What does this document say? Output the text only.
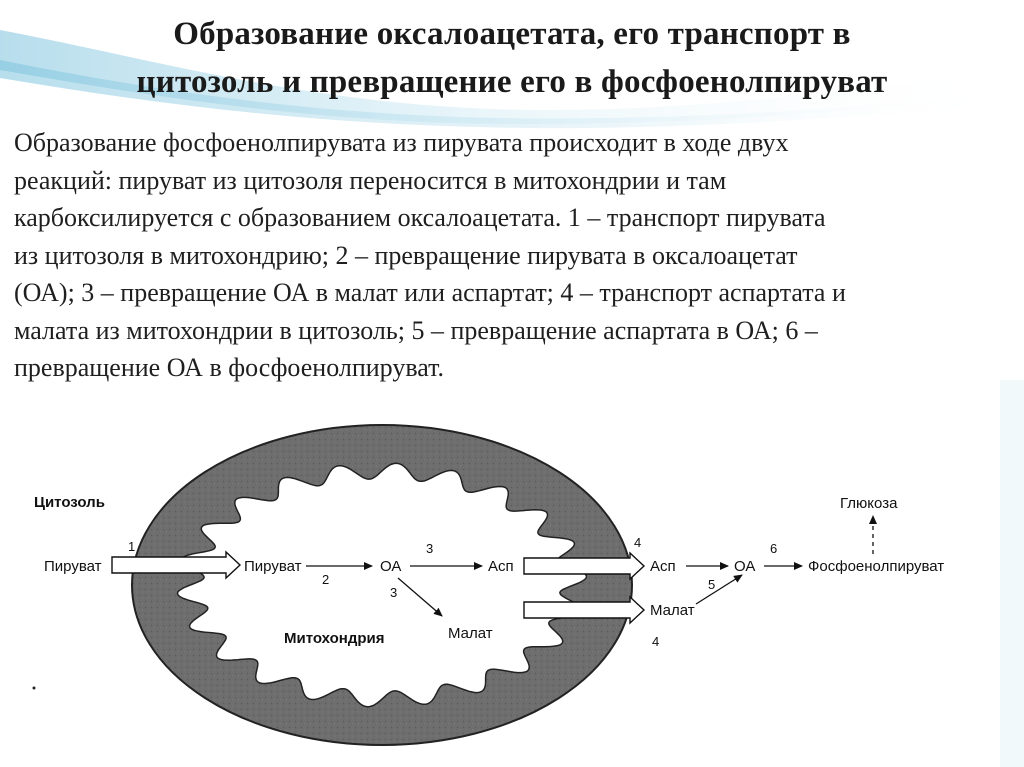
Образование оксалоацетата, его транспорт в
цитозоль и превращение его в фосфоенолпируват
Образование фосфоенолпирувата из пирувата происходит в ходе двух
реакций: пируват из цитозоля переносится в митохондрии и там
карбоксилируется с образованием оксалоацетата. 1 – транспорт пирувата
из цитозоля в митохондрию; 2 – превращение пирувата в оксалоацетат
(ОА); 3 – превращение ОА в малат или аспартат; 4 – транспорт аспартата и
малата из митохондрии в цитозоль; 5 – превращение аспартата в ОА; 6 –
превращение ОА в фосфоенолпируват.
Цитозоль
Митохондрия
Пируват
1
Пируват
2
ОА
3
Асп
3
Малат
4
Асп
4
Малат
5
ОА
6
Фосфоенолпируват
Глюкоза
